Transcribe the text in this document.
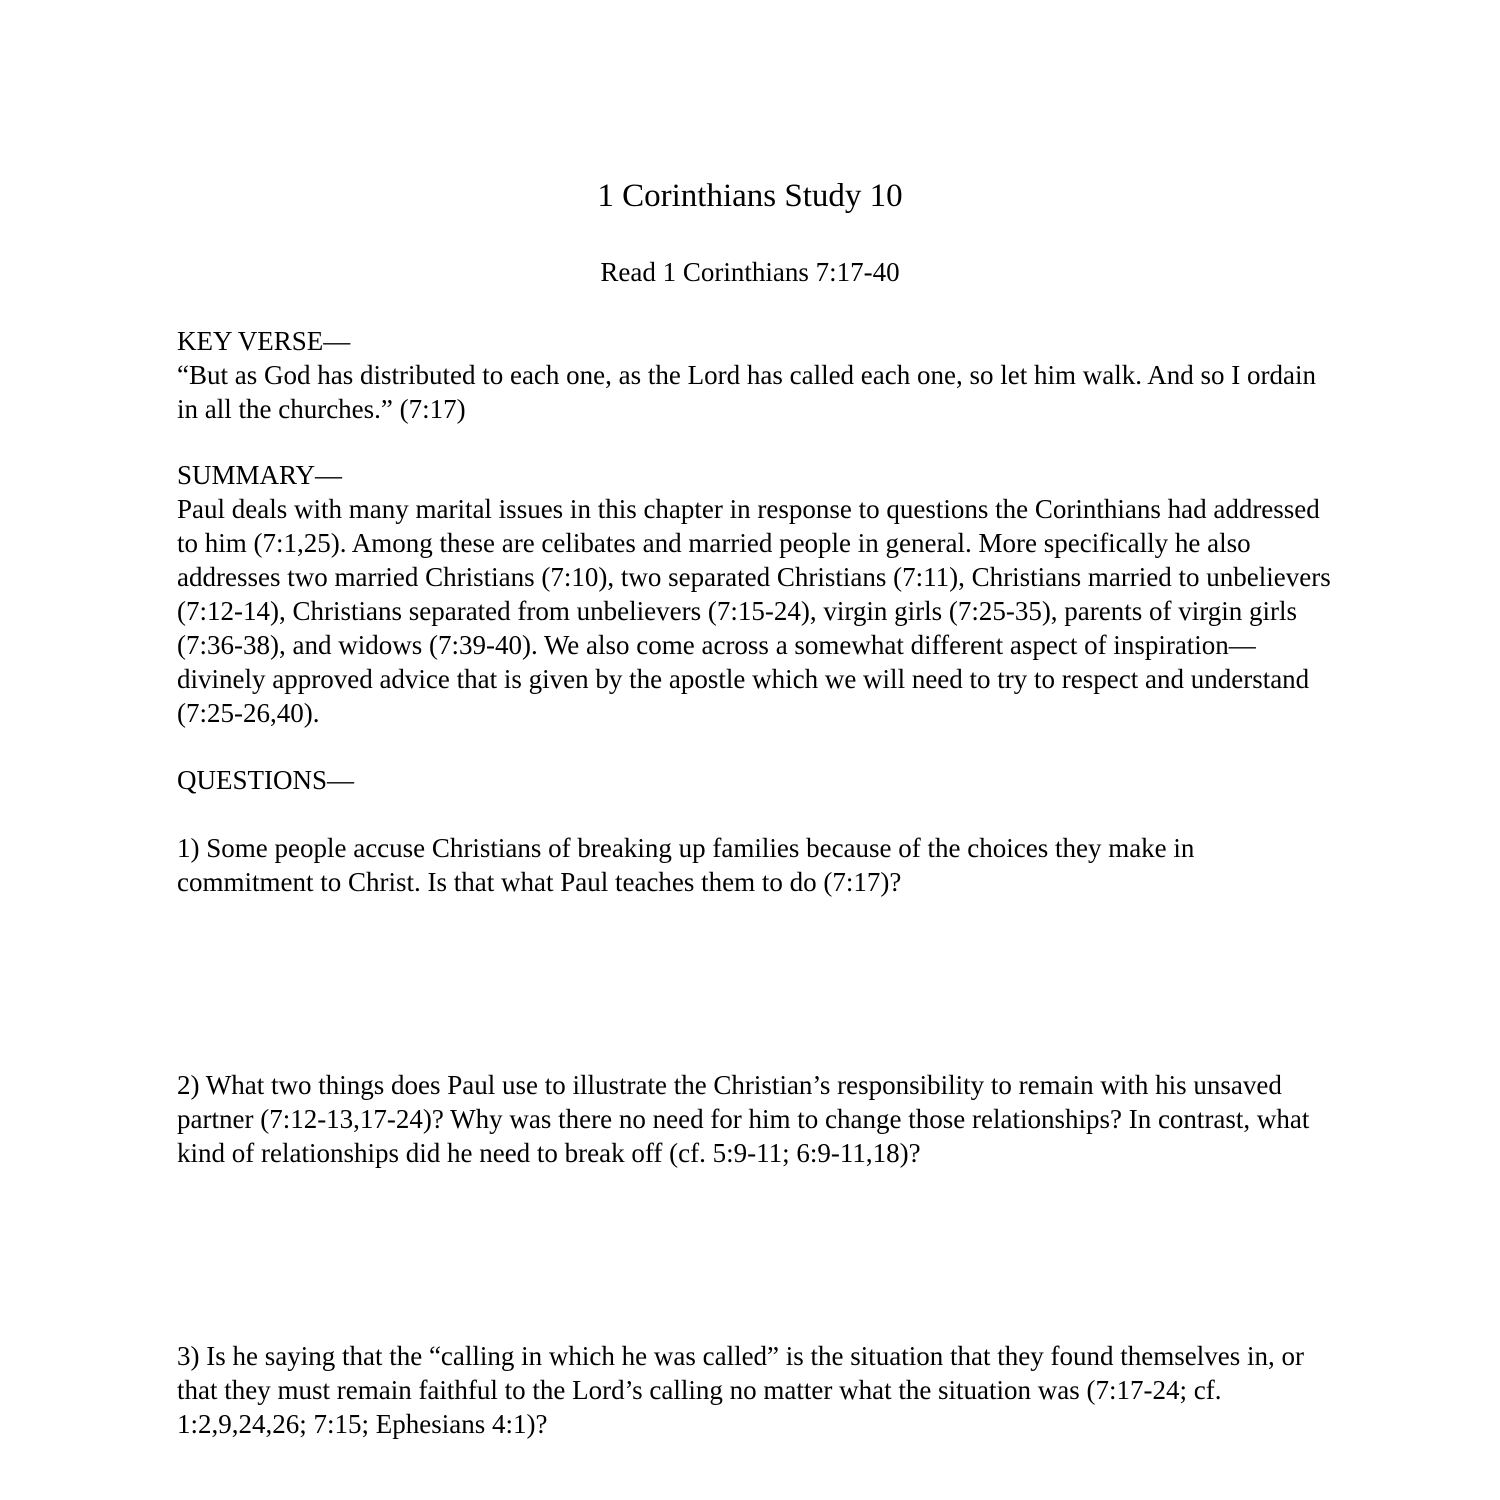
1 Corinthians Study 10

Read 1 Corinthians 7:17-40

KEY VERSE—
“But as God has distributed to each one, as the Lord has called each one, so let him walk. And so I ordain in all the churches.” (7:17)
SUMMARY—
Paul deals with many marital issues in this chapter in response to questions the Corinthians had addressed to him (7:1,25). Among these are celibates and married people in general. More specifically he also addresses two married Christians (7:10), two separated Christians (7:11), Christians married to unbelievers (7:12-14), Christians separated from unbelievers (7:15-24), virgin girls (7:25-35), parents of virgin girls (7:36-38), and widows (7:39-40). We also come across a somewhat different aspect of inspiration—divinely approved advice that is given by the apostle which we will need to try to respect and understand (7:25-26,40).
QUESTIONS—
1) Some people accuse Christians of breaking up families because of the choices they make in commitment to Christ. Is that what Paul teaches them to do (7:17)?
2) What two things does Paul use to illustrate the Christian’s responsibility to remain with his unsaved partner (7:12-13,17-24)? Why was there no need for him to change those relationships? In contrast, what kind of relationships did he need to break off (cf. 5:9-11; 6:9-11,18)?
3) Is he saying that the “calling in which he was called” is the situation that they found themselves in, or that they must remain faithful to the Lord’s calling no matter what the situation was (7:17-24; cf. 1:2,9,24,26; 7:15; Ephesians 4:1)?
